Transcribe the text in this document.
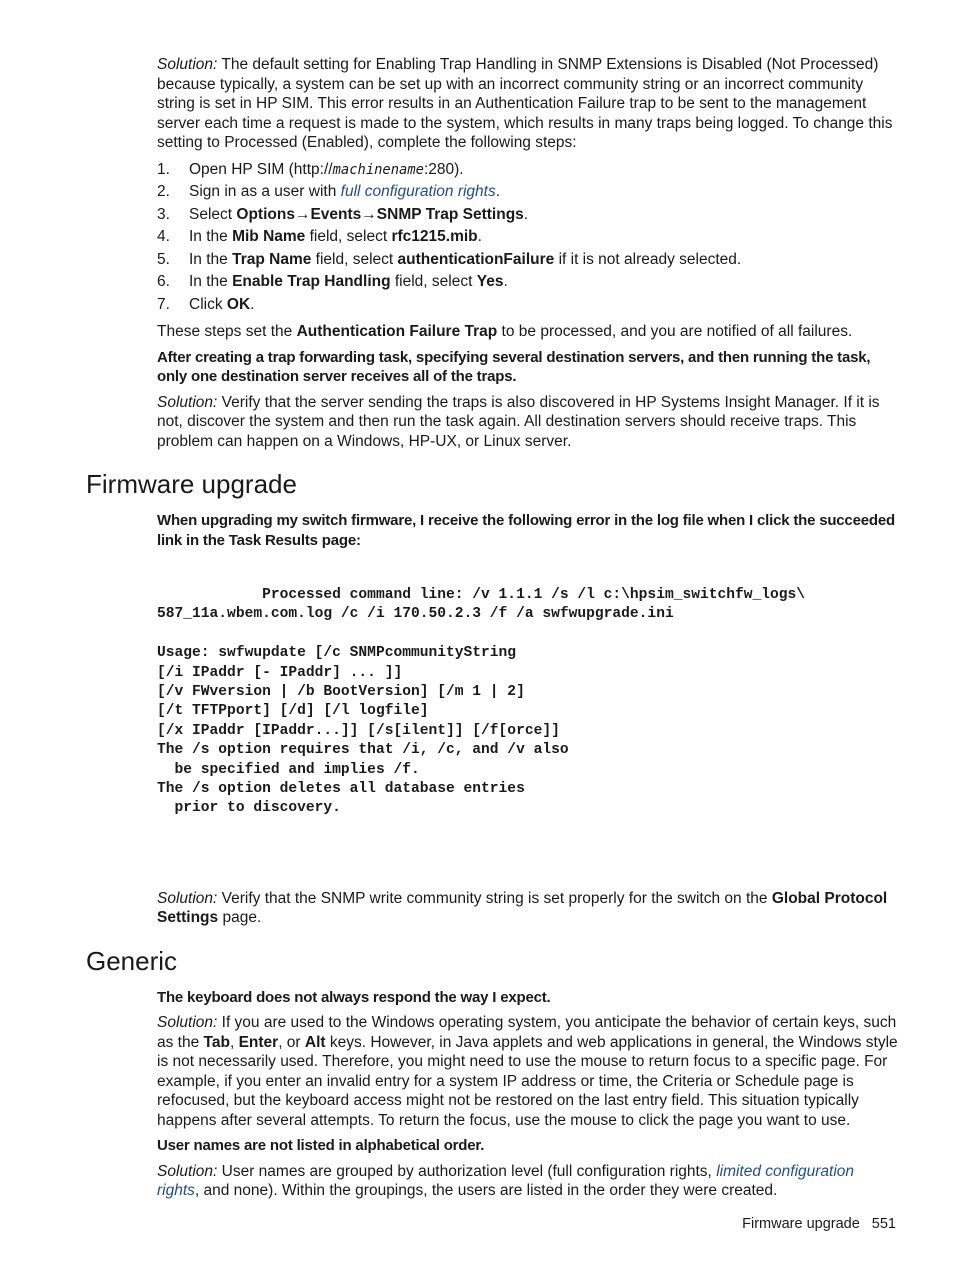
Solution: The default setting for Enabling Trap Handling in SNMP Extensions is Disabled (Not Processed) because typically, a system can be set up with an incorrect community string or an incorrect community string is set in HP SIM. This error results in an Authentication Failure trap to be sent to the management server each time a request is made to the system, which results in many traps being logged. To change this setting to Processed (Enabled), complete the following steps:

1. Open HP SIM (http://machinename:280).
2. Sign in as a user with full configuration rights.
3. Select Options→Events→SNMP Trap Settings.
4. In the Mib Name field, select rfc1215.mib.
5. In the Trap Name field, select authenticationFailure if it is not already selected.
6. In the Enable Trap Handling field, select Yes.
7. Click OK.

These steps set the Authentication Failure Trap to be processed, and you are notified of all failures.

After creating a trap forwarding task, specifying several destination servers, and then running the task, only one destination server receives all of the traps.

Solution: Verify that the server sending the traps is also discovered in HP Systems Insight Manager. If it is not, discover the system and then run the task again. All destination servers should receive traps. This problem can happen on a Windows, HP-UX, or Linux server.

Firmware upgrade

When upgrading my switch firmware, I receive the following error in the log file when I click the succeeded link in the Task Results page:

Processed command line: /v 1.1.1 /s /l c:\hpsim_switchfw_logs\
587_11a.wbem.com.log /c /i 170.50.2.3 /f /a swfwupgrade.ini

Usage: swfwupdate [/c SNMPcommunityString
[/i IPaddr [- IPaddr] ... ]]
[/v FWversion | /b BootVersion] [/m 1 | 2]
[/t TFTPport] [/d] [/l logfile]
[/x IPaddr [IPaddr...]] [/s[ilent]] [/f[orce]]
The /s option requires that /i, /c, and /v also
be specified and implies /f.
The /s option deletes all database entries
prior to discovery.

Solution: Verify that the SNMP write community string is set properly for the switch on the Global Protocol Settings page.

Generic

The keyboard does not always respond the way I expect.

Solution: If you are used to the Windows operating system, you anticipate the behavior of certain keys, such as the Tab, Enter, or Alt keys. However, in Java applets and web applications in general, the Windows style is not necessarily used. Therefore, you might need to use the mouse to return focus to a specific page. For example, if you enter an invalid entry for a system IP address or time, the Criteria or Schedule page is refocused, but the keyboard access might not be restored on the last entry field. This situation typically happens after several attempts. To return the focus, use the mouse to click the page you want to use.

User names are not listed in alphabetical order.

Solution: User names are grouped by authorization level (full configuration rights, limited configuration rights, and none). Within the groupings, the users are listed in the order they were created.

Firmware upgrade 551
